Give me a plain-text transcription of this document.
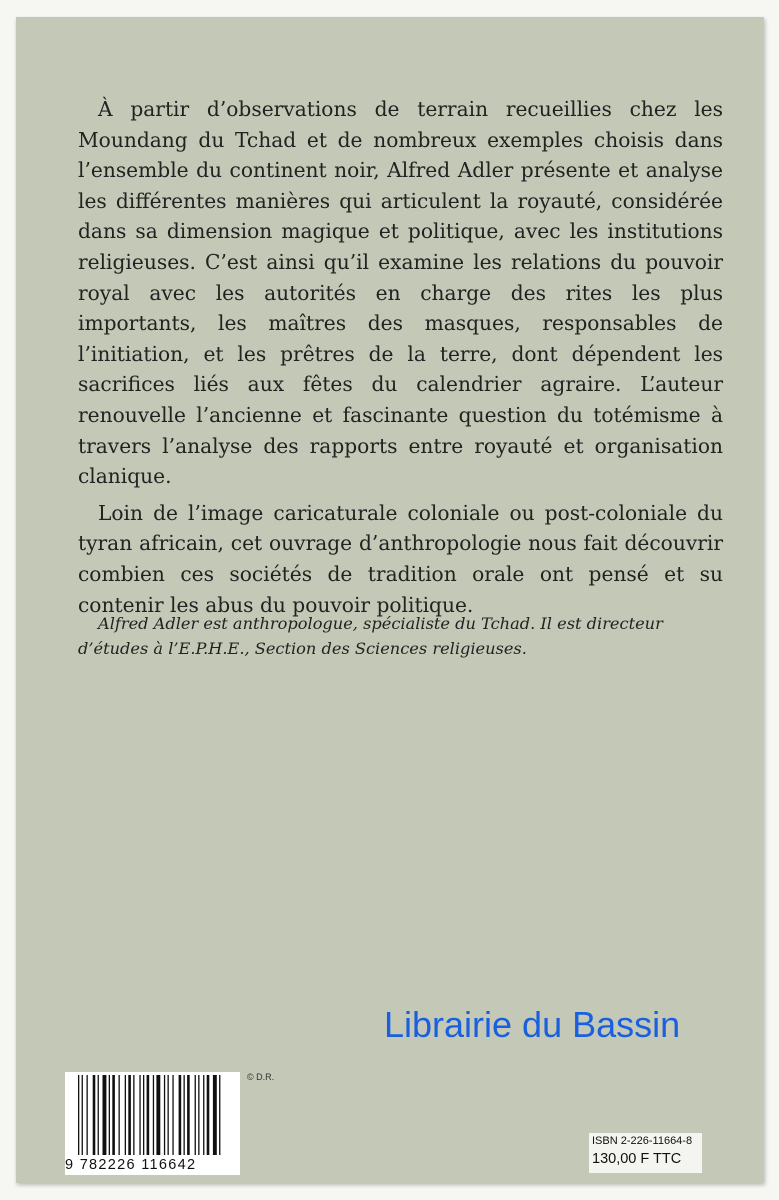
À partir d’observations de terrain recueillies chez les Moundang du Tchad et de nombreux exemples choisis dans l’ensemble du continent noir, Alfred Adler présente et analyse les différentes manières qui articulent la royauté, considérée dans sa dimension magique et politique, avec les institutions religieuses. C’est ainsi qu’il examine les relations du pouvoir royal avec les autorités en charge des rites les plus importants, les maîtres des masques, responsables de l’initiation, et les prêtres de la terre, dont dépendent les sacrifices liés aux fêtes du calendrier agraire. L’auteur renouvelle l’ancienne et fascinante question du totémisme à travers l’analyse des rapports entre royauté et organisation clanique.

Loin de l’image caricaturale coloniale ou post-coloniale du tyran africain, cet ouvrage d’anthropologie nous fait découvrir combien ces sociétés de tradition orale ont pensé et su contenir les abus du pouvoir politique.

Alfred Adler est anthropologue, spécialiste du Tchad. Il est directeur d’études à l’E.P.H.E., Section des Sciences religieuses.
Librairie du Bassin
9 782226 116642
© D.R.
ISBN 2-226-11664-8
130,00 F TTC
